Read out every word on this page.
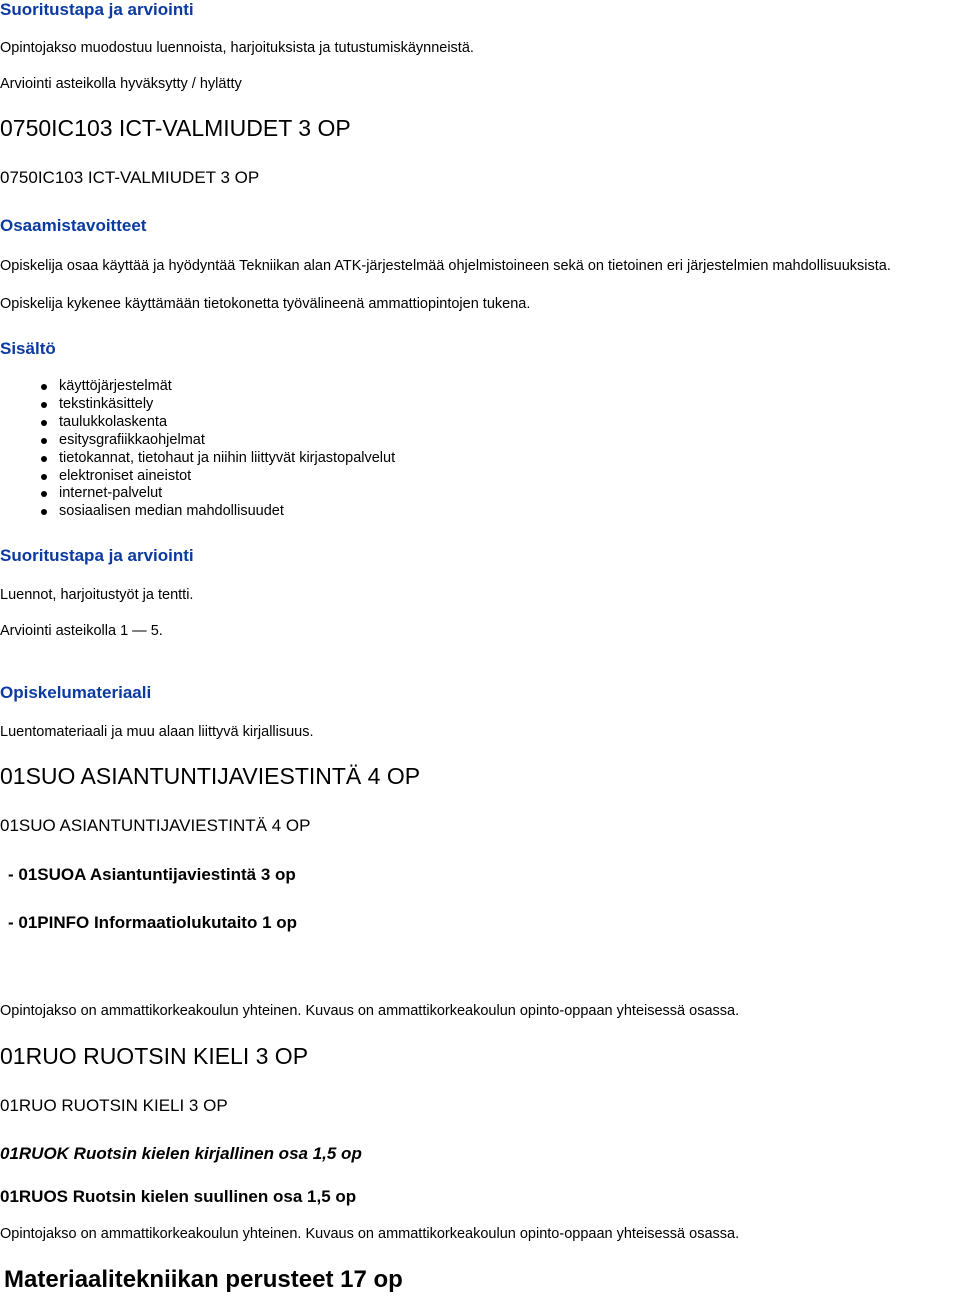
Suoritustapa ja arviointi
Opintojakso muodostuu luennoista, harjoituksista ja tutustumiskäynneistä.
Arviointi asteikolla hyväksytty / hylätty
0750IC103 ICT-VALMIUDET 3 OP
0750IC103 ICT-VALMIUDET 3 OP
Osaamistavoitteet
Opiskelija osaa käyttää ja hyödyntää Tekniikan alan ATK-järjestelmää ohjelmistoineen sekä on tietoinen eri järjestelmien mahdollisuuksista.
Opiskelija kykenee käyttämään tietokonetta työvälineenä ammattiopintojen tukena.
Sisältö
käyttöjärjestelmät
tekstinkäsittely
taulukkolaskenta
esitysgrafiikkaohjelmat
tietokannat, tietohaut ja niihin liittyvät kirjastopalvelut
elektroniset aineistot
internet-palvelut
sosiaalisen median mahdollisuudet
Suoritustapa ja arviointi
Luennot, harjoitustyöt ja tentti.
Arviointi asteikolla 1 — 5.
Opiskelumateriaali
Luentomateriaali ja muu alaan liittyvä kirjallisuus.
01SUO ASIANTUNTIJAVIESTINTÄ 4 OP
01SUO ASIANTUNTIJAVIESTINTÄ 4 OP
- 01SUOA Asiantuntijaviestintä 3 op
- 01PINFO Informaatiolukutaito 1 op
Opintojakso on ammattikorkeakoulun yhteinen. Kuvaus on ammattikorkeakoulun opinto-oppaan yhteisessä osassa.
01RUO RUOTSIN KIELI 3 OP
01RUO RUOTSIN KIELI 3 OP
01RUOK Ruotsin kielen kirjallinen osa 1,5 op
01RUOS Ruotsin kielen suullinen osa 1,5 op
Opintojakso on ammattikorkeakoulun yhteinen. Kuvaus on ammattikorkeakoulun opinto-oppaan yhteisessä osassa.
Materiaalitekniikan perusteet 17 op
